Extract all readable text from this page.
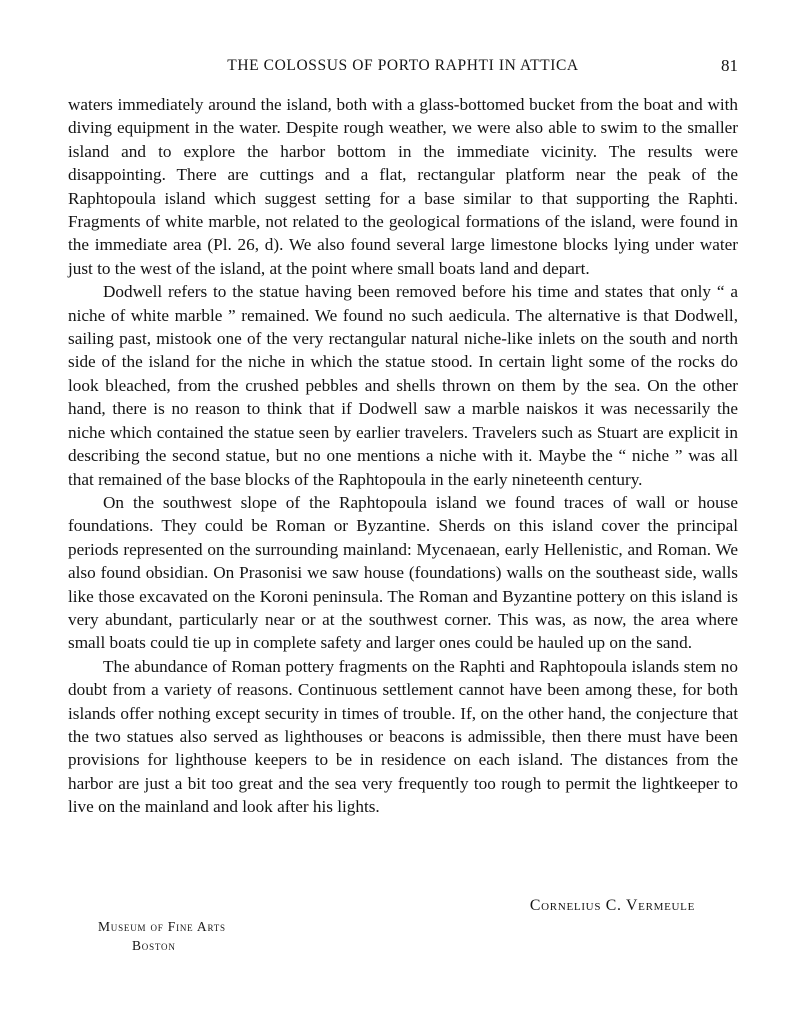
THE COLOSSUS OF PORTO RAPHTI IN ATTICA	81

waters immediately around the island, both with a glass-bottomed bucket from the boat and with diving equipment in the water. Despite rough weather, we were also able to swim to the smaller island and to explore the harbor bottom in the immediate vicinity. The results were disappointing. There are cuttings and a flat, rectangular platform near the peak of the Raphtopoula island which suggest setting for a base similar to that supporting the Raphti. Fragments of white marble, not related to the geological formations of the island, were found in the immediate area (Pl. 26, d). We also found several large limestone blocks lying under water just to the west of the island, at the point where small boats land and depart.

Dodwell refers to the statue having been removed before his time and states that only “ a niche of white marble ” remained. We found no such aedicula. The alternative is that Dodwell, sailing past, mistook one of the very rectangular natural niche-like inlets on the south and north side of the island for the niche in which the statue stood. In certain light some of the rocks do look bleached, from the crushed pebbles and shells thrown on them by the sea. On the other hand, there is no reason to think that if Dodwell saw a marble naiskos it was necessarily the niche which contained the statue seen by earlier travelers. Travelers such as Stuart are explicit in describing the second statue, but no one mentions a niche with it. Maybe the “ niche ” was all that remained of the base blocks of the Raphtopoula in the early nineteenth century.

On the southwest slope of the Raphtopoula island we found traces of wall or house foundations. They could be Roman or Byzantine. Sherds on this island cover the principal periods represented on the surrounding mainland: Mycenaean, early Hellenistic, and Roman. We also found obsidian. On Prasonisi we saw house (foundations) walls on the southeast side, walls like those excavated on the Koroni peninsula. The Roman and Byzantine pottery on this island is very abundant, particularly near or at the southwest corner. This was, as now, the area where small boats could tie up in complete safety and larger ones could be hauled up on the sand.

The abundance of Roman pottery fragments on the Raphti and Raphtopoula islands stem no doubt from a variety of reasons. Continuous settlement cannot have been among these, for both islands offer nothing except security in times of trouble. If, on the other hand, the conjecture that the two statues also served as lighthouses or beacons is admissible, then there must have been provisions for lighthouse keepers to be in residence on each island. The distances from the harbor are just a bit too great and the sea very frequently too rough to permit the lightkeeper to live on the mainland and look after his lights.

Cornelius C. Vermeule
Museum of Fine Arts
Boston
